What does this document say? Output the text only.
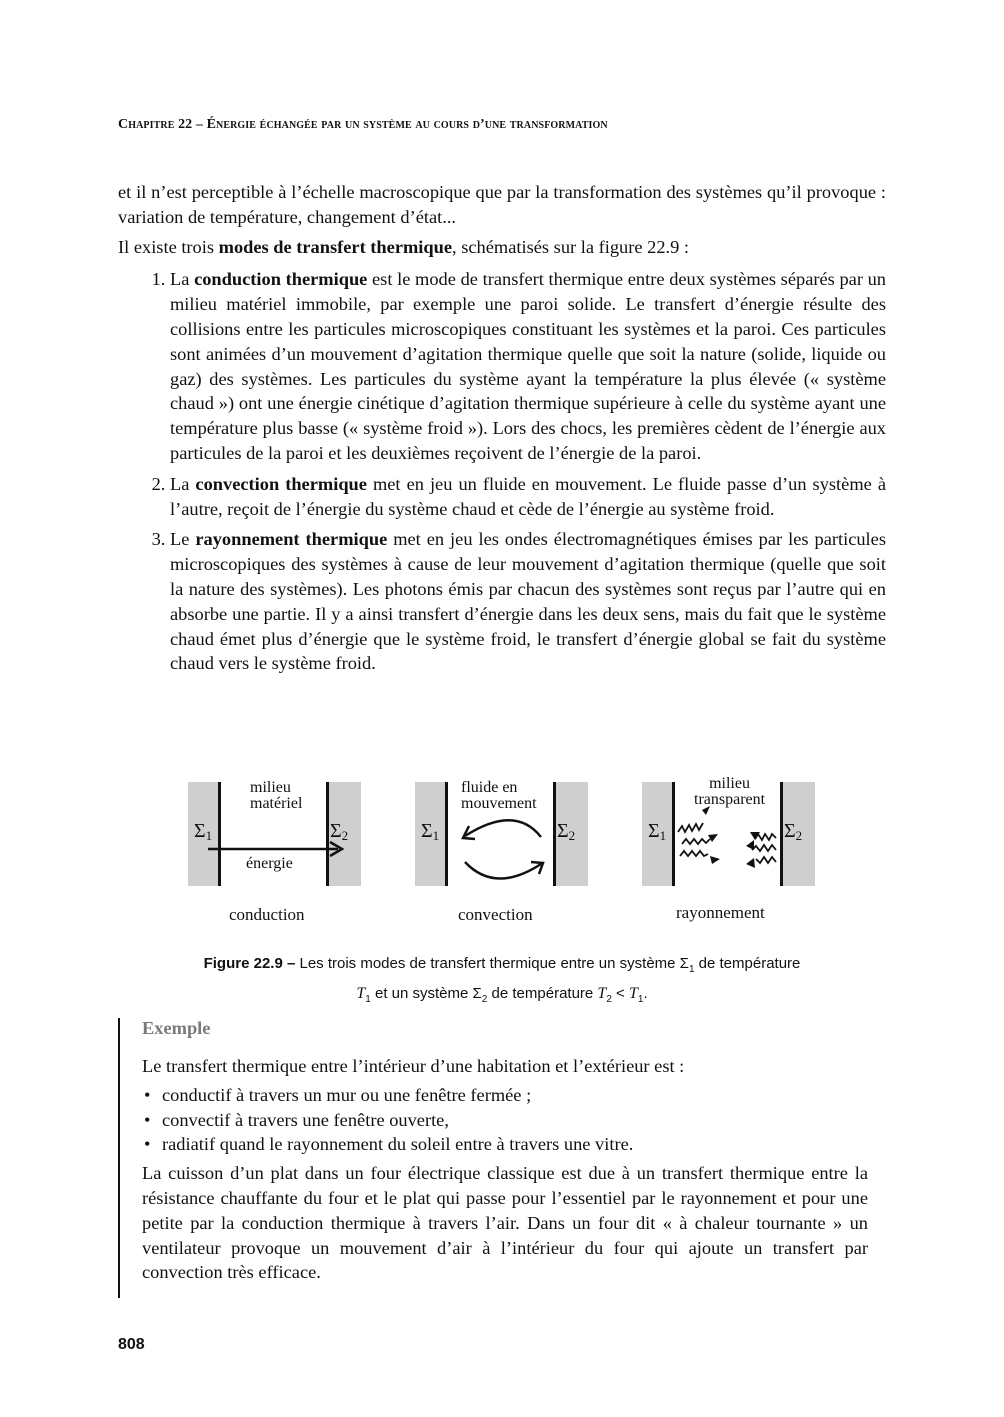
Chapitre 22 – Énergie échangée par un système au cours d’une transformation

et il n’est perceptible à l’échelle macroscopique que par la transformation des systèmes qu’il provoque : variation de température, changement d’état...

Il existe trois modes de transfert thermique, schématisés sur la figure 22.9 :

1. La conduction thermique est le mode de transfert thermique entre deux systèmes séparés par un milieu matériel immobile, par exemple une paroi solide. Le transfert d’énergie résulte des collisions entre les particules microscopiques constituant les systèmes et la paroi. Ces particules sont animées d’un mouvement d’agitation thermique quelle que soit la nature (solide, liquide ou gaz) des systèmes. Les particules du système ayant la température la plus élevée (« système chaud ») ont une énergie cinétique d’agitation thermique supérieure à celle du système ayant une température plus basse (« système froid »). Lors des chocs, les premières cèdent de l’énergie aux particules de la paroi et les deuxièmes reçoivent de l’énergie de la paroi.
2. La convection thermique met en jeu un fluide en mouvement. Le fluide passe d’un système à l’autre, reçoit de l’énergie du système chaud et cède de l’énergie au système froid.
3. Le rayonnement thermique met en jeu les ondes électromagnétiques émises par les particules microscopiques des systèmes à cause de leur mouvement d’agitation thermique (quelle que soit la nature des systèmes). Les photons émis par chacun des systèmes sont reçus par l’autre qui en absorbe une partie. Il y a ainsi transfert d’énergie dans les deux sens, mais du fait que le système chaud émet plus d’énergie que le système froid, le transfert d’énergie global se fait du système chaud vers le système froid.
$\Sigma_1$	$\Sigma_2$
milieu
matériel
énergie
conduction
$\Sigma_1$	$\Sigma_2$
fluide en
mouvement
convection
$\Sigma_1$	$\Sigma_2$
milieu
transparent
rayonnement
Figure 22.9 – Les trois modes de transfert thermique entre un système $\Sigma_1$ de température
$T_1$ et un système $\Sigma_2$ de température $T_2 < T_1$.
Exemple

Le transfert thermique entre l’intérieur d’une habitation et l’extérieur est :

• conductif à travers un mur ou une fenêtre fermée ;
• convectif à travers une fenêtre ouverte,
• radiatif quand le rayonnement du soleil entre à travers une vitre.

La cuisson d’un plat dans un four électrique classique est due à un transfert thermique entre la résistance chauffante du four et le plat qui passe pour l’essentiel par le rayonnement et pour une petite par la conduction thermique à travers l’air. Dans un four dit « à chaleur tournante » un ventilateur provoque un mouvement d’air à l’intérieur du four qui ajoute un transfert par convection très efficace.

808
